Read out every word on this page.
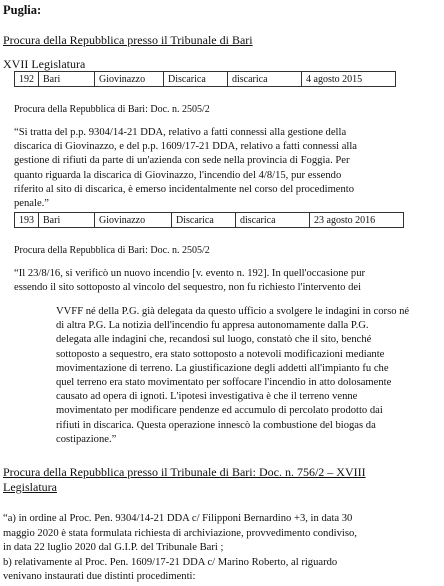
Puglia:
Procura della Repubblica presso il Tribunale di Bari
XVII Legislatura
192	Bari	Giovinazzo	Discarica	discarica	4 agosto 2015
Procura della Repubblica di Bari: Doc. n. 2505/2
“Si tratta del p.p. 9304/14-21 DDA, relativo a fatti connessi alla gestione della
discarica di Giovinazzo, e del p.p. 1609/17-21 DDA, relativo a fatti connessi alla
gestione di rifiuti da parte di un'azienda con sede nella provincia di Foggia. Per
quanto riguarda la discarica di Giovinazzo, l'incendio del 4/8/15, pur essendo
riferito al sito di discarica, è emerso incidentalmente nel corso del procedimento
penale.”
193	Bari	Giovinazzo	Discarica	discarica	23 agosto 2016
Procura della Repubblica di Bari: Doc. n. 2505/2
“Il 23/8/16, si verificò un nuovo incendio [v. evento n. 192]. In quell'occasione pur
essendo il sito sottoposto al vincolo del sequestro, non fu richiesto l'intervento dei
VVFF né della P.G. già delegata da questo ufficio a svolgere le indagini in corso né
di altra P.G. La notizia dell'incendio fu appresa autonomamente dalla P.G.
delegata alle indagini che, recandosi sul luogo, constatò che il sito, benché
sottoposto a sequestro, era stato sottoposto a notevoli modificazioni mediante
movimentazione di terreno. La giustificazione degli addetti all'impianto fu che
quel terreno era stato movimentato per soffocare l'incendio in atto dolosamente
causato ad opera di ignoti. L'ipotesi investigativa è che il terreno venne
movimentato per modificare pendenze ed accumulo di percolato prodotto dai
rifiuti in discarica. Questa operazione innescò la combustione del biogas da
costipazione.”
Procura della Repubblica presso il Tribunale di Bari: Doc. n. 756/2 – XVIII
Legislatura
“a) in ordine al Proc. Pen. 9304/14-21 DDA c/ Filipponi Bernardino +3, in data 30
maggio 2020 è stata formulata richiesta di archiviazione, provvedimento condiviso,
in data 22 luglio 2020 dal G.I.P. del Tribunale Bari ;
b) relativamente al Proc. Pen. 1609/17-21 DDA c/ Marino Roberto, al riguardo
venivano instaurati due distinti procedimenti:
